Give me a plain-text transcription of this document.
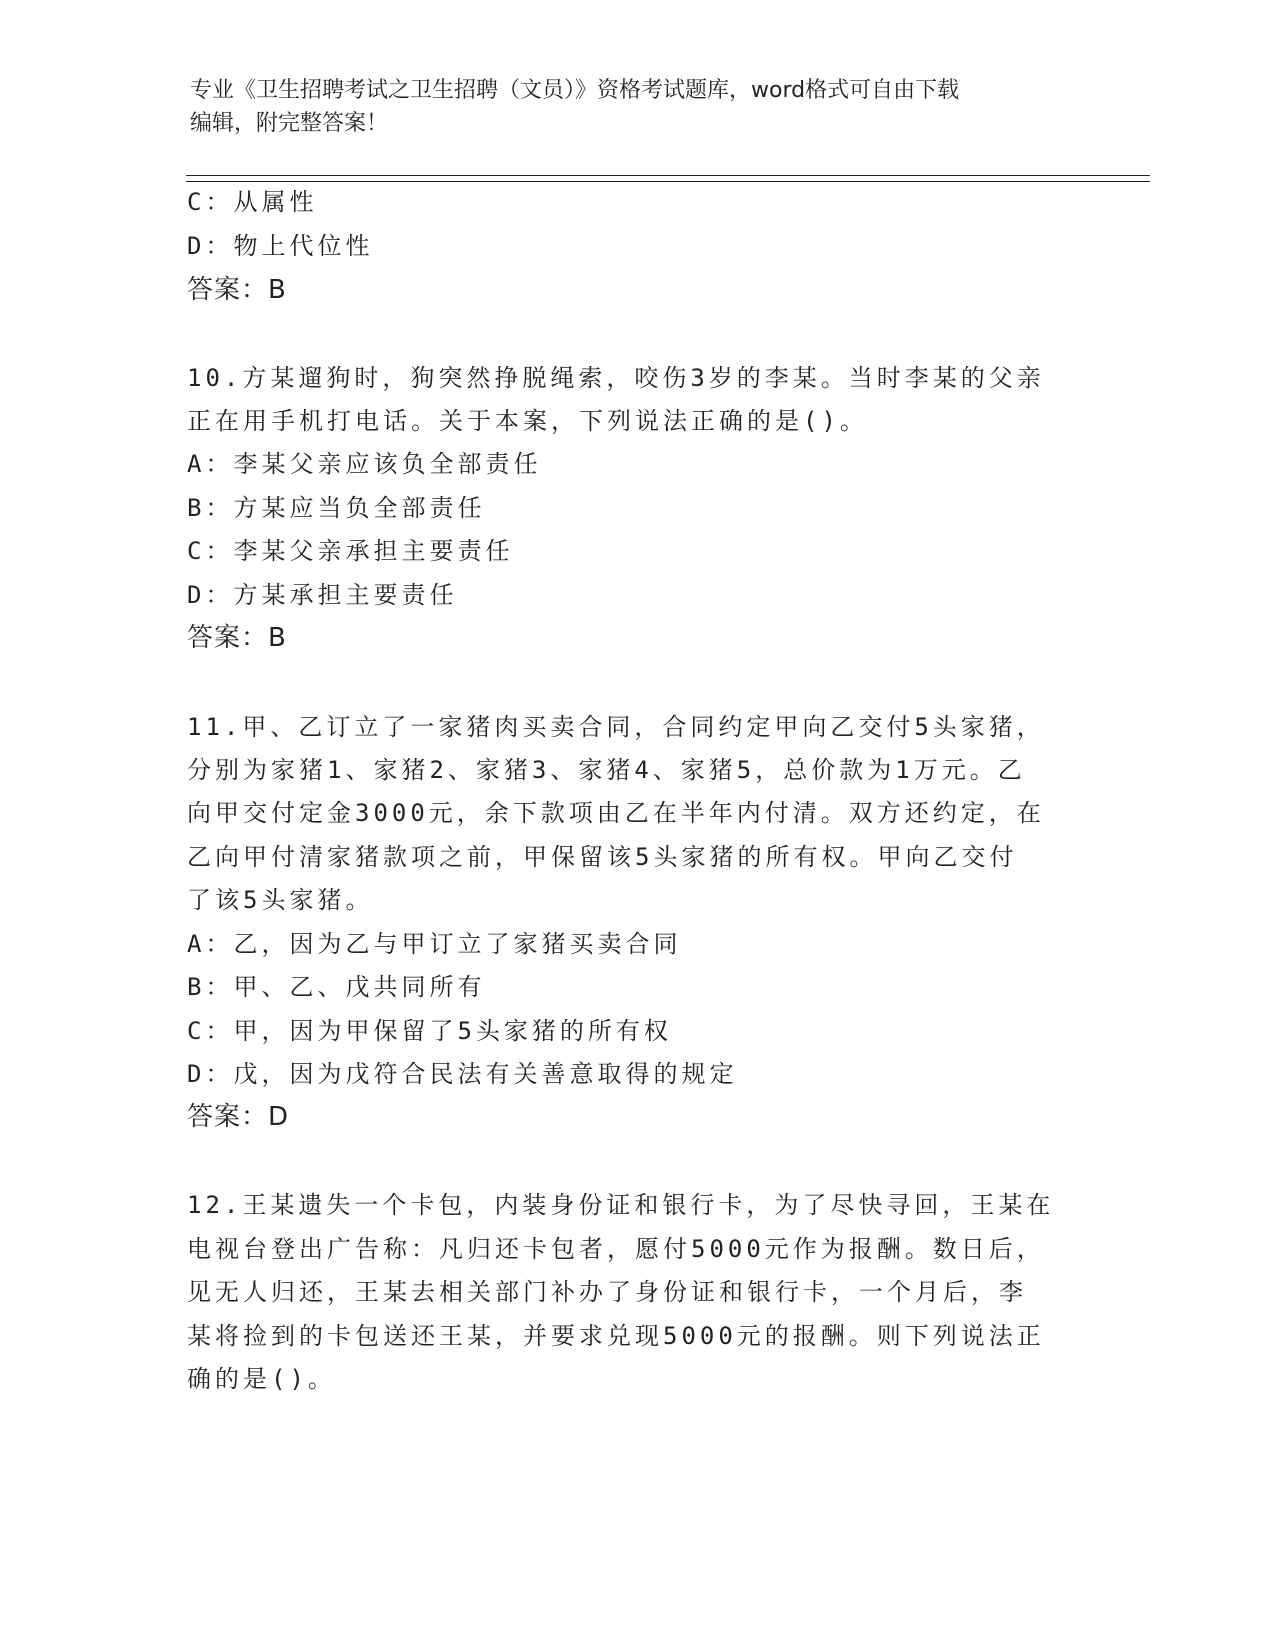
专业《卫生招聘考试之卫生招聘（文员）》资格考试题库，word格式可自由下载
编辑，附完整答案！
C：从属性
D：物上代位性
答案：B
10.方某遛狗时，狗突然挣脱绳索，咬伤3岁的李某。当时李某的父亲
正在用手机打电话。关于本案，下列说法正确的是()。
A：李某父亲应该负全部责任
B：方某应当负全部责任
C：李某父亲承担主要责任
D：方某承担主要责任
答案：B
11.甲、乙订立了一家猪肉买卖合同，合同约定甲向乙交付5头家猪，
分别为家猪1、家猪2、家猪3、家猪4、家猪5，总价款为1万元。乙
向甲交付定金3000元，余下款项由乙在半年内付清。双方还约定，在
乙向甲付清家猪款项之前，甲保留该5头家猪的所有权。甲向乙交付
了该5头家猪。
A：乙，因为乙与甲订立了家猪买卖合同
B：甲、乙、戊共同所有
C：甲，因为甲保留了5头家猪的所有权
D：戊，因为戊符合民法有关善意取得的规定
答案：D
12.王某遗失一个卡包，内装身份证和银行卡，为了尽快寻回，王某在
电视台登出广告称：凡归还卡包者，愿付5000元作为报酬。数日后，
见无人归还，王某去相关部门补办了身份证和银行卡，一个月后，李
某将捡到的卡包送还王某，并要求兑现5000元的报酬。则下列说法正
确的是()。
